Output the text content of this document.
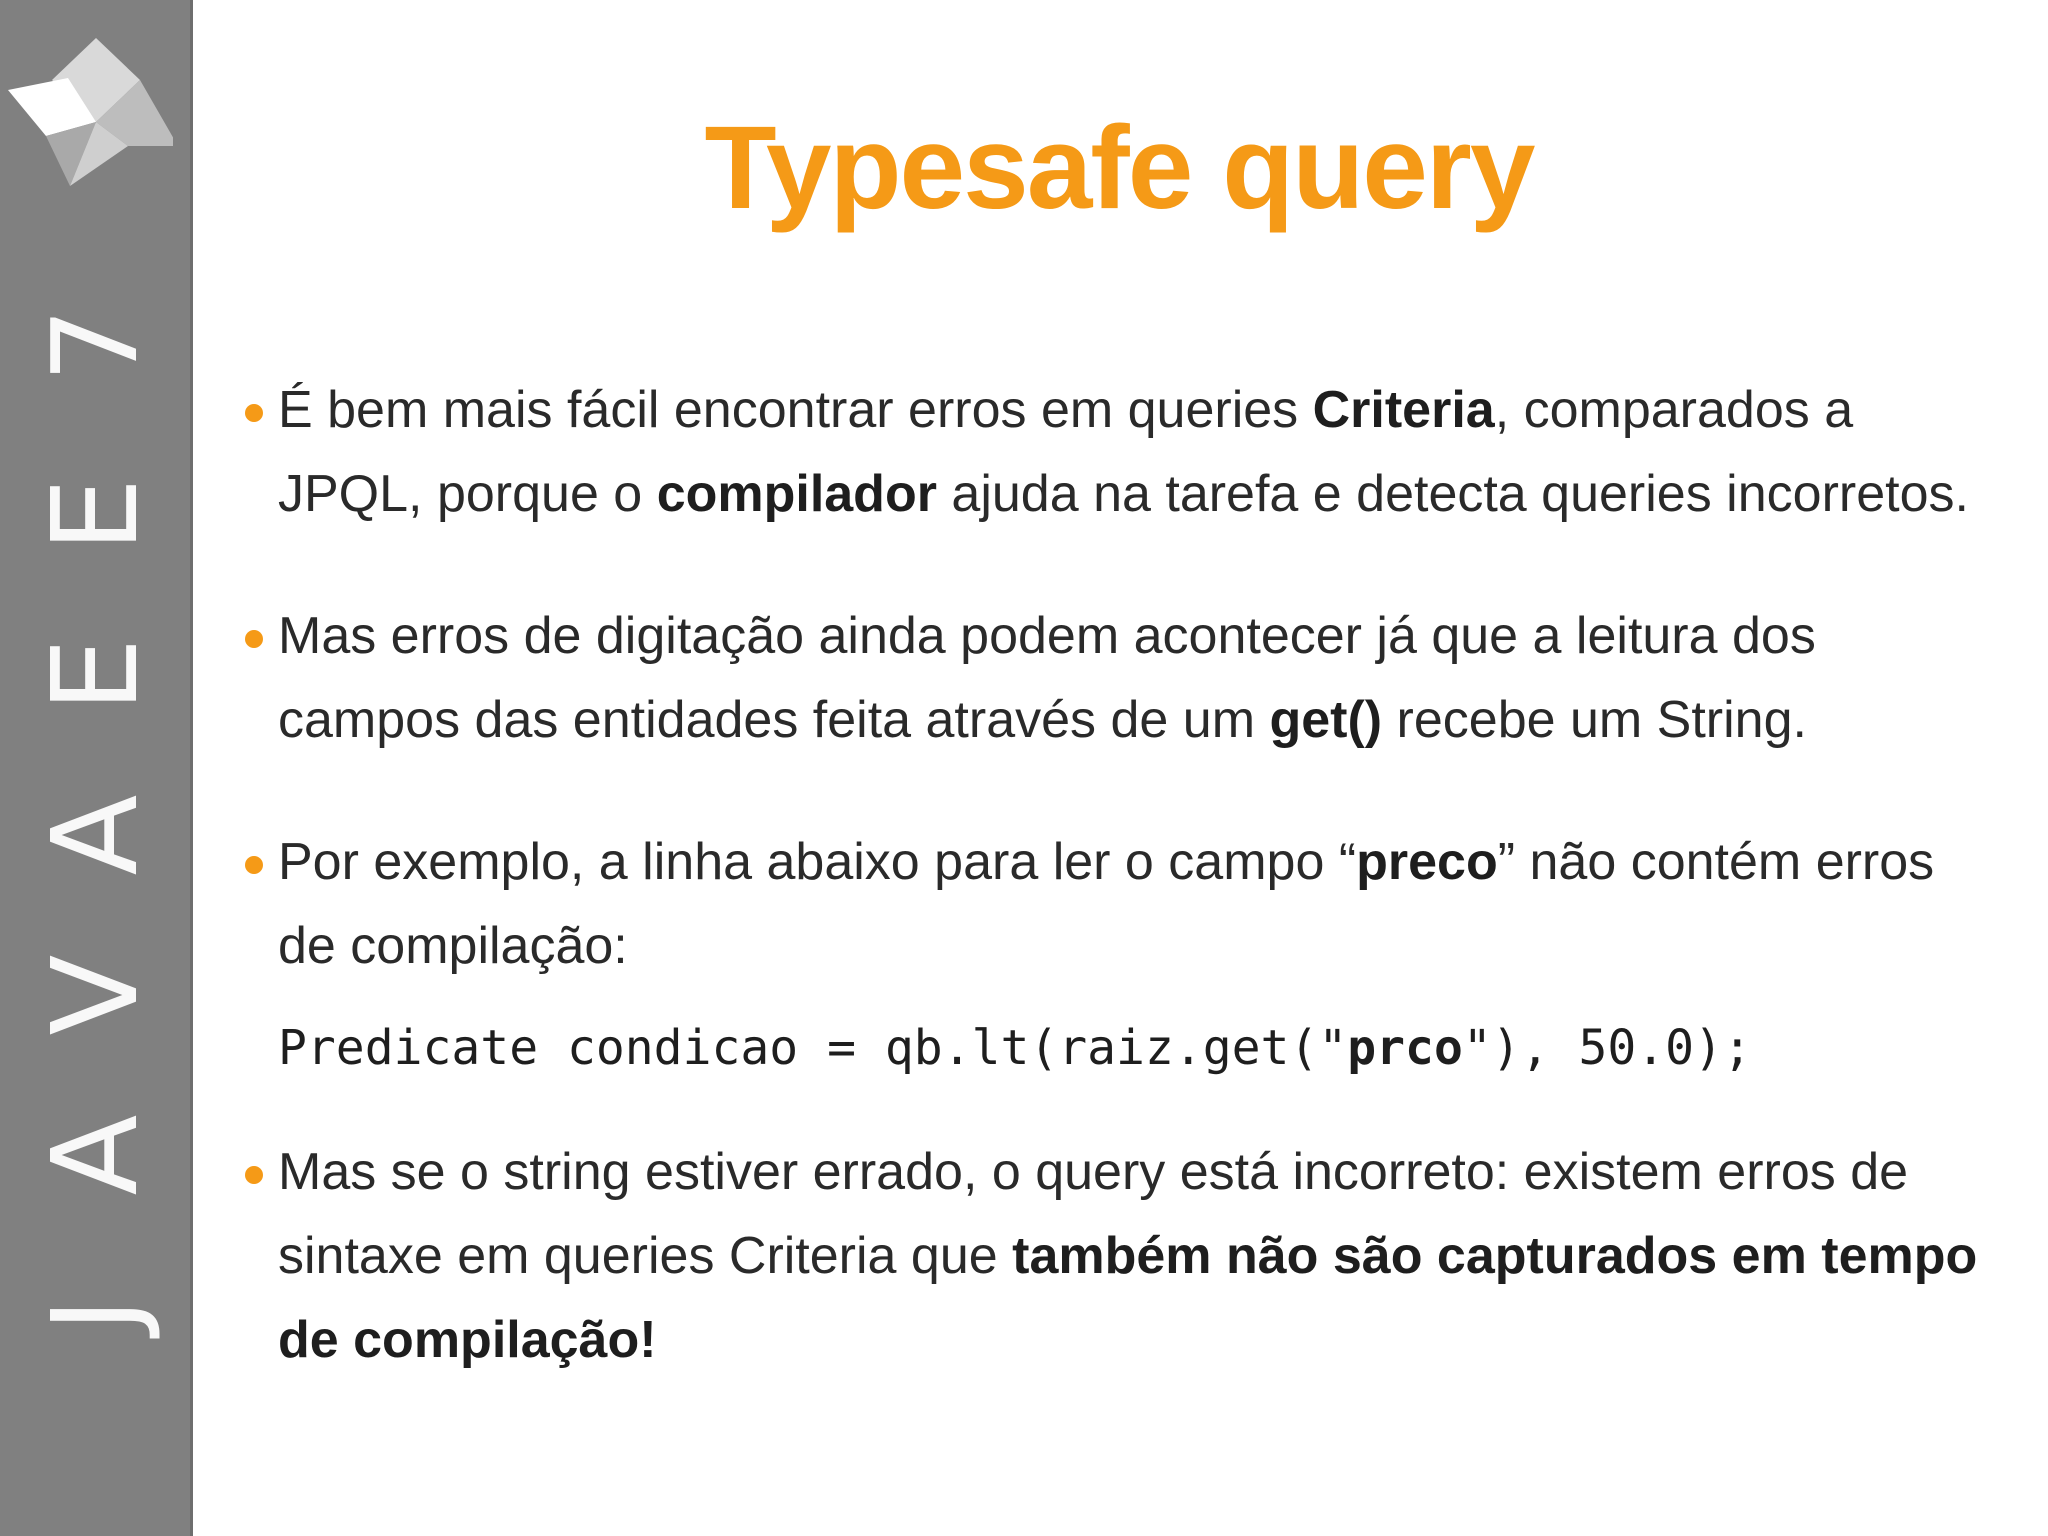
7
E
E
A
V
A
J
Typesafe query

É bem mais fácil encontrar erros em queries Criteria, comparados a JPQL, porque o compilador ajuda na tarefa e detecta queries incorretos.

Mas erros de digitação ainda podem acontecer já que a leitura dos campos das entidades feita através de um get() recebe um String.

Por exemplo, a linha abaixo para ler o campo “preco” não contém erros de compilação:

Predicate condicao = qb.lt(raiz.get("prco"), 50.0);

Mas se o string estiver errado, o query está incorreto: existem erros de sintaxe em queries Criteria que também não são capturados em tempo de compilação!
